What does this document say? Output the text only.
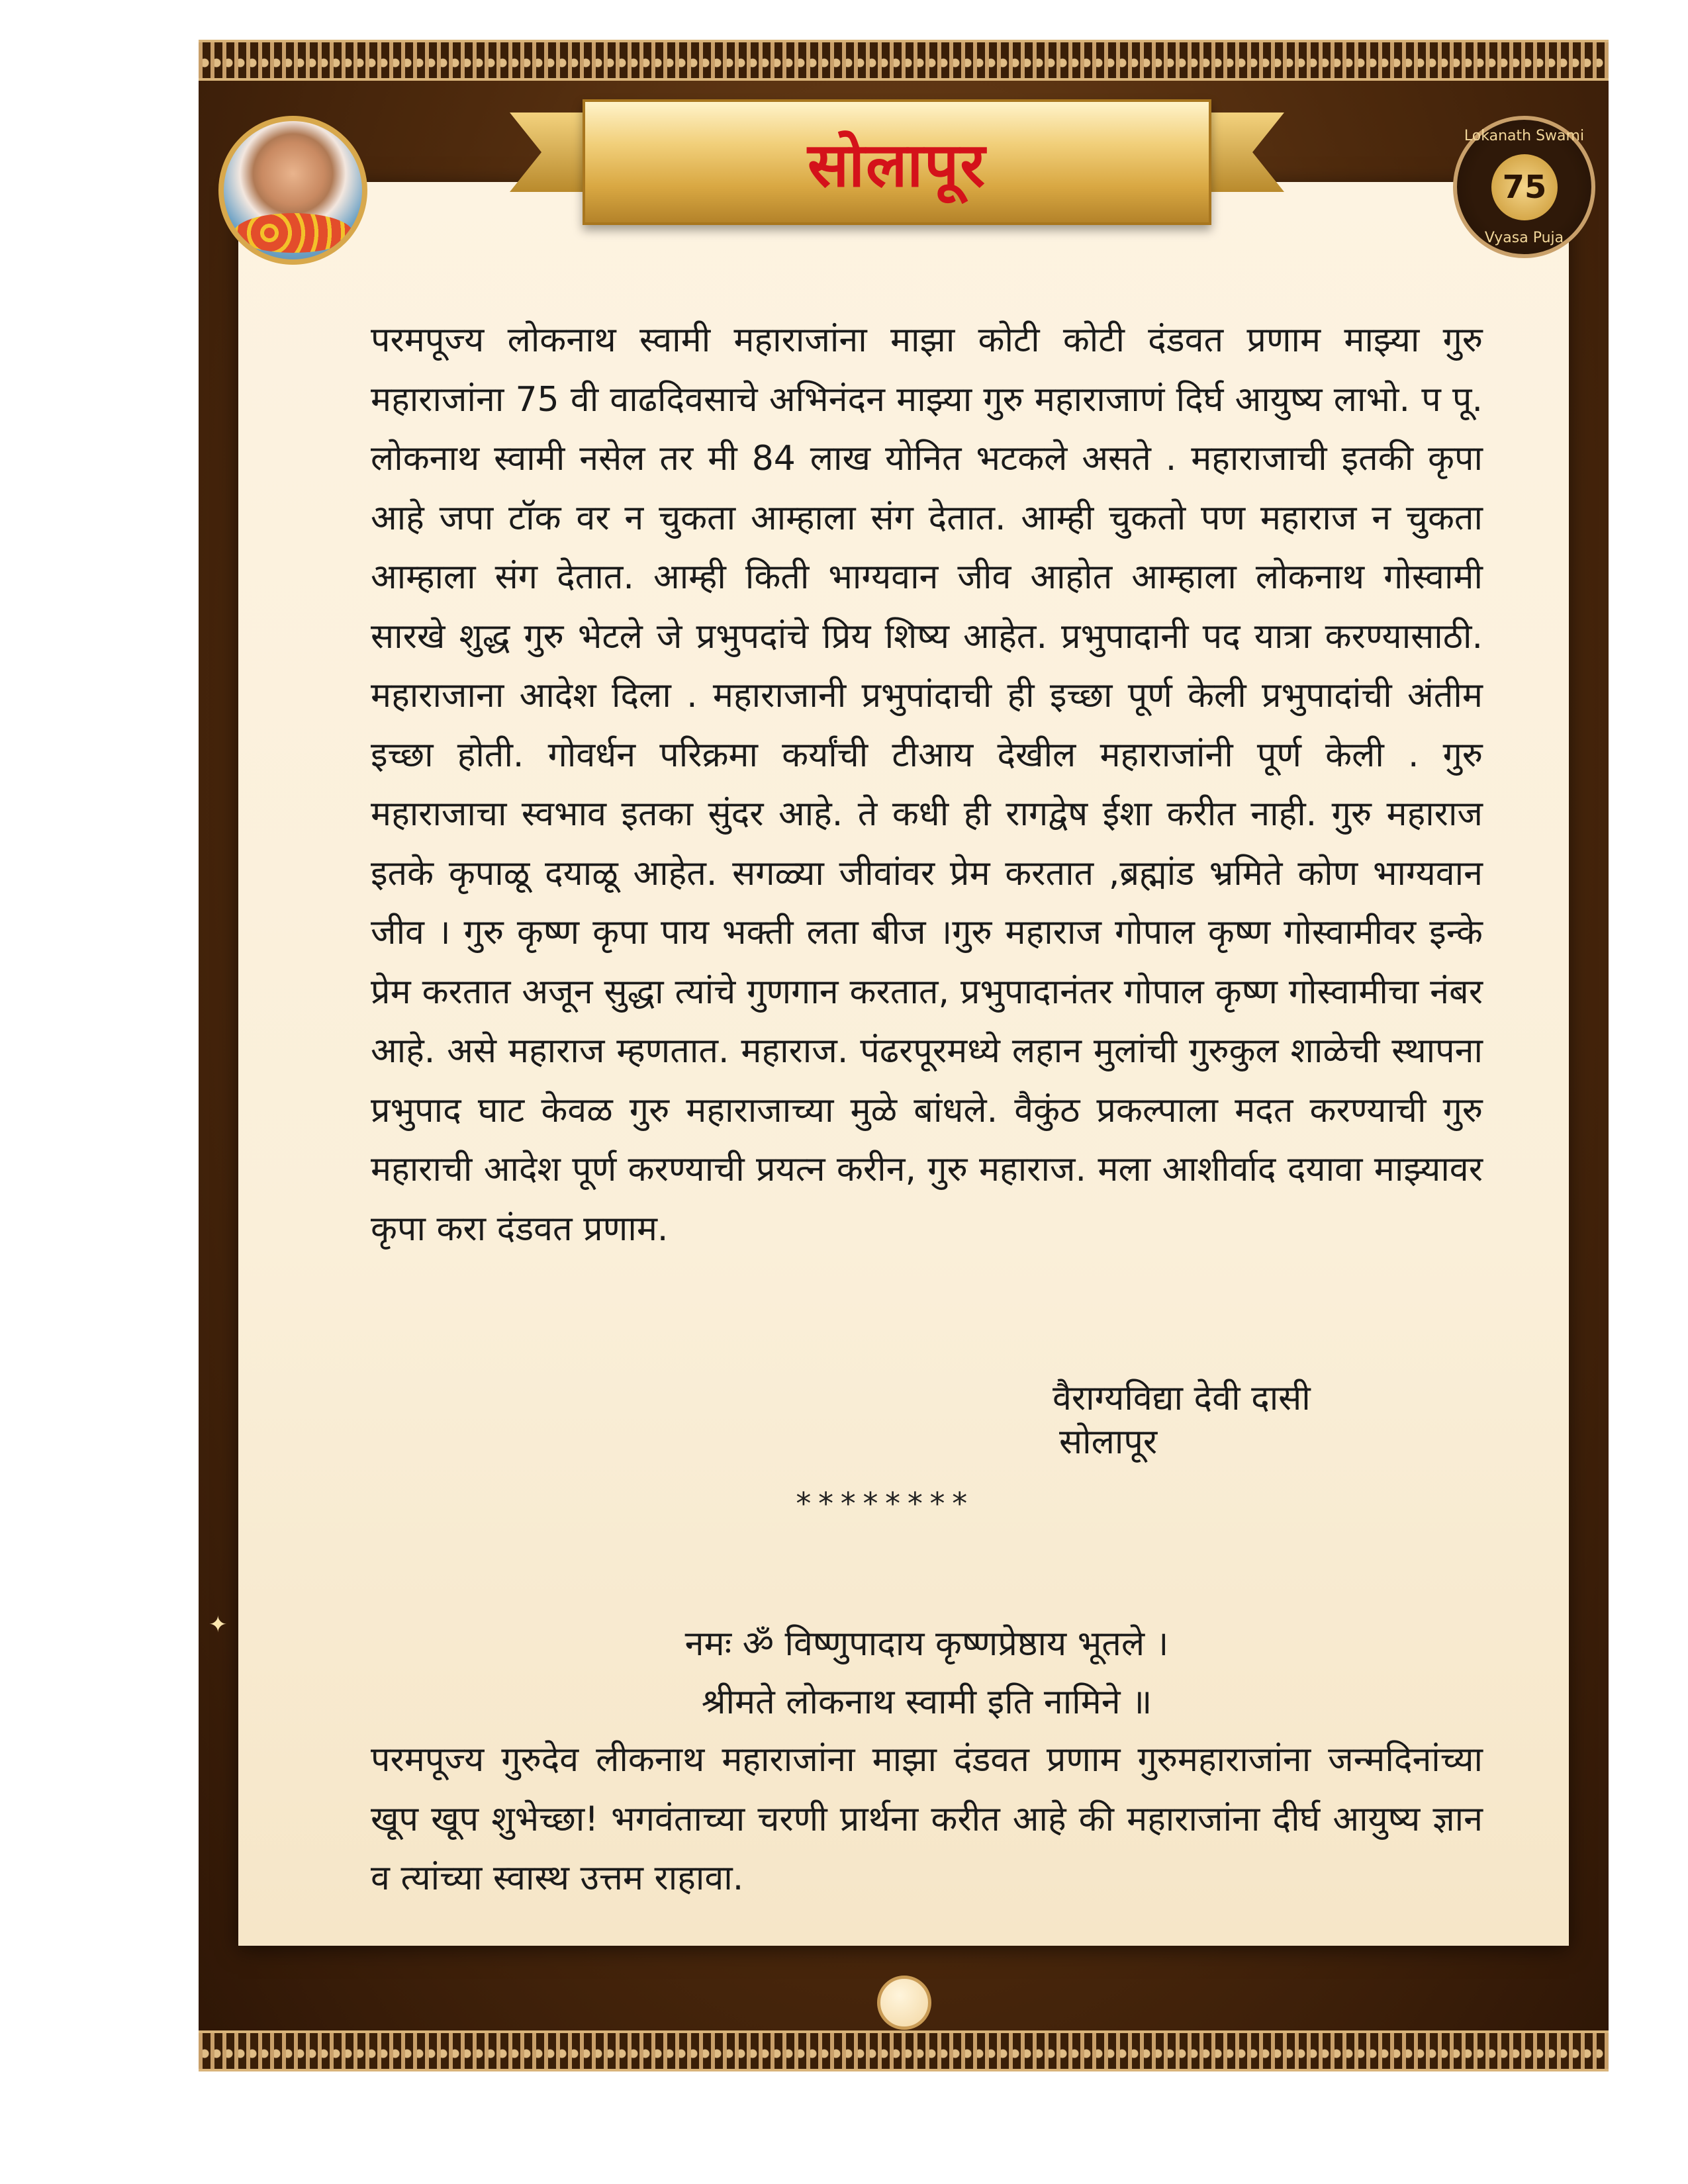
✦
सोलापूर	Lokanath Swami
75
Vyasa Puja
परमपूज्य लोकनाथ स्वामी महाराजांना माझा कोटी कोटी दंडवत प्रणाम माझ्या गुरु महाराजांना 75 वी वाढदिवसाचे अभिनंदन माझ्या गुरु महाराजाणं दिर्घ आयुष्य लाभो. प पू. लोकनाथ स्वामी नसेल तर मी 84 लाख योनित भटकले असते . महाराजाची इतकी कृपा आहे जपा टॉक वर न चुकता आम्हाला संग देतात. आम्ही चुकतो पण महाराज न चुकता आम्हाला संग देतात. आम्ही किती भाग्यवान जीव आहोत आम्हाला लोकनाथ गोस्वामी सारखे शुद्ध गुरु भेटले जे प्रभुपदांचे प्रिय शिष्य आहेत. प्रभुपादानी पद यात्रा करण्यासाठी. महाराजाना आदेश दिला . महाराजानी प्रभुपांदाची ही इच्छा पूर्ण केली प्रभुपादांची अंतीम इच्छा होती. गोवर्धन परिक्रमा कर्यांची टीआय देखील महाराजांनी पूर्ण केली . गुरु महाराजाचा स्वभाव इतका सुंदर आहे. ते कधी ही रागद्वेष ईशा करीत नाही. गुरु महाराज इतके कृपाळू दयाळू आहेत. सगळ्या जीवांवर प्रेम करतात ,ब्रह्मांड भ्रमिते कोण भाग्यवान जीव । गुरु कृष्ण कृपा पाय भक्ती लता बीज ।गुरु महाराज गोपाल कृष्ण गोस्वामीवर इन्के प्रेम करतात अजून सुद्धा त्यांचे गुणगान करतात, प्रभुपादानंतर गोपाल कृष्ण गोस्वामीचा नंबर आहे. असे महाराज म्हणतात. महाराज. पंढरपूरमध्ये लहान मुलांची गुरुकुल शाळेची स्थापना प्रभुपाद घाट केवळ गुरु महाराजाच्या मुळे बांधले. वैकुंठ प्रकल्पाला मदत करण्याची गुरु महाराची आदेश पूर्ण करण्याची प्रयत्न करीन, गुरु महाराज. मला आशीर्वाद दयावा माझ्यावर कृपा करा दंडवत प्रणाम.
वैराग्यविद्या देवी दासी
सोलापूर
********
नमः ॐ विष्णुपादाय कृष्णप्रेष्ठाय भूतले ।
श्रीमते लोकनाथ स्वामी इति नामिने ॥
परमपूज्य गुरुदेव लीकनाथ महाराजांना माझा दंडवत प्रणाम गुरुमहाराजांना जन्मदिनांच्या खूप खूप शुभेच्छा! भगवंताच्या चरणी प्रार्थना करीत आहे की महाराजांना दीर्घ आयुष्य ज्ञान व त्यांच्या स्वास्थ उत्तम राहावा.
